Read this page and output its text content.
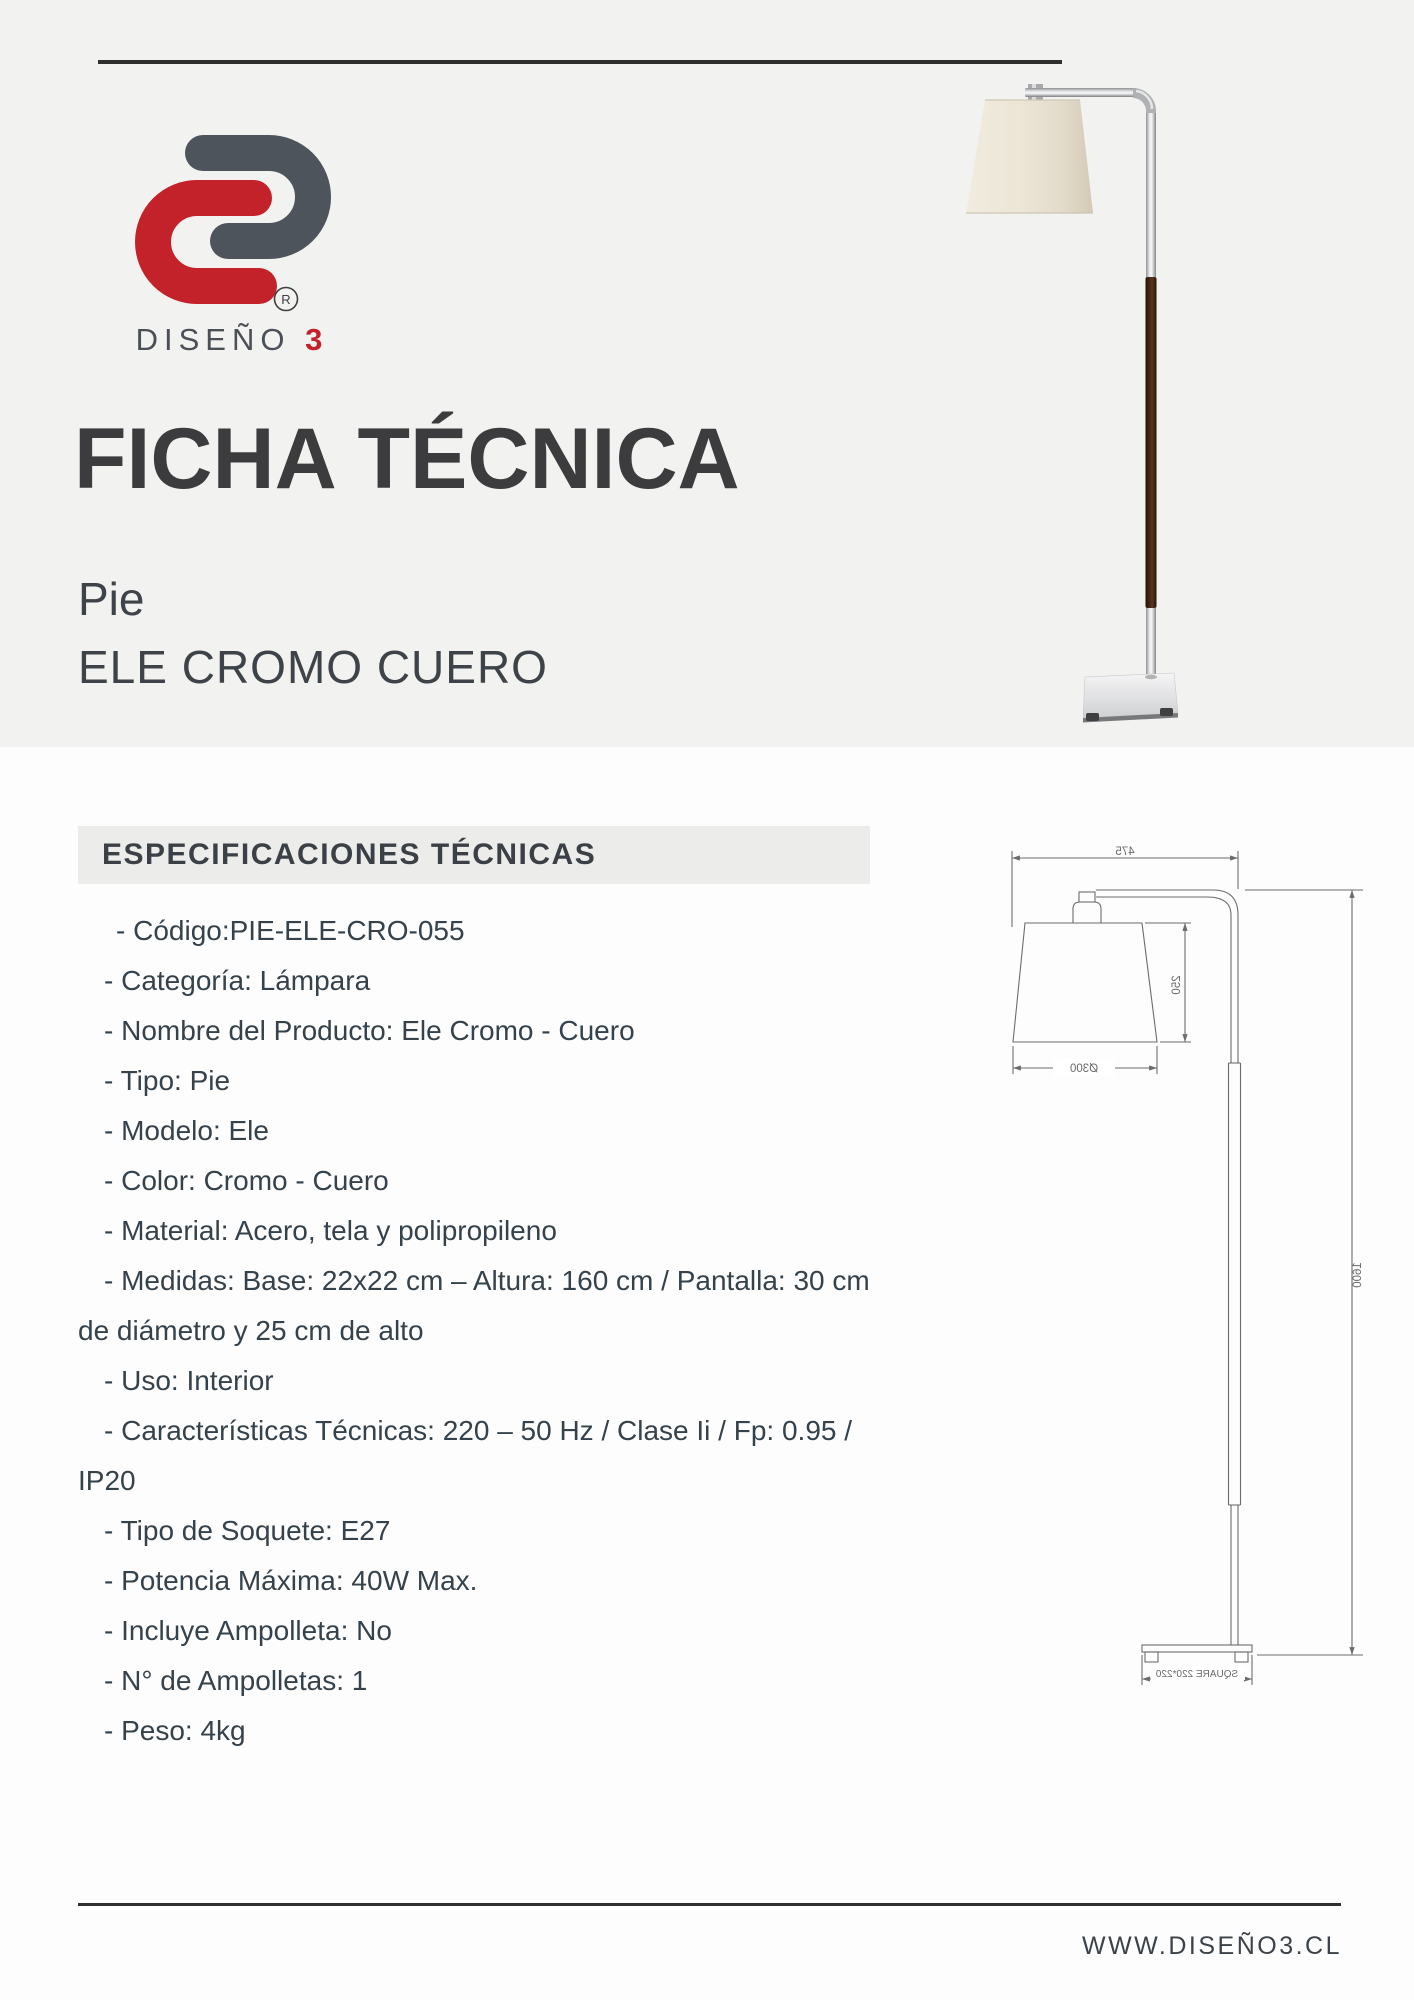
R
DISEÑO 3
FICHA TÉCNICA
Pie
ELE CROMO CUERO
ESPECIFICACIONES TÉCNICAS
- Código:PIE-ELE-CRO-055
- Categoría: Lámpara
- Nombre del Producto: Ele Cromo - Cuero
- Tipo: Pie
- Modelo: Ele
- Color: Cromo - Cuero
- Material: Acero, tela y polipropileno
- Medidas: Base: 22x22 cm – Altura: 160 cm / Pantalla: 30 cm
de diámetro y 25 cm de alto
- Uso: Interior
- Características Técnicas: 220 – 50 Hz / Clase Ii / Fp: 0.95 /
IP20
- Tipo de Soquete: E27
- Potencia Máxima: 40W Max.
- Incluye Ampolleta: No
- N° de Ampolletas: 1
- Peso: 4kg
475
250
Ø300
1600
SQUARE 220*220
WWW.DISEÑO3.CL
